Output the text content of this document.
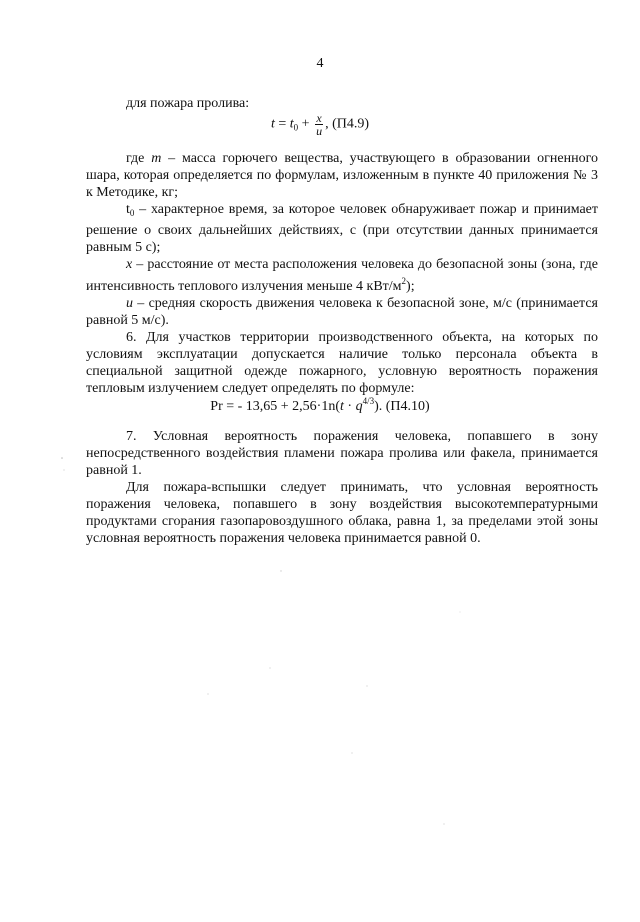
4

для пожара пролива:

$t = t_0 + \frac{x}{u}$ , (П4.9)

где m – масса горючего вещества, участвующего в образовании огненного шара, которая определяется по формулам, изложенным в пункте 40 приложения № 3 к Методике, кг;

$t_0$ – характерное время, за которое человек обнаруживает пожар и принимает решение о своих дальнейших действиях, с (при отсутствии данных принимается равным 5 с);

x – расстояние от места расположения человека до безопасной зоны (зона, где интенсивность теплового излучения меньше 4 кВт/$м^2$);

u – средняя скорость движения человека к безопасной зоне, м/с (принимается равной 5 м/с).

6. Для участков территории производственного объекта, на которых по условиям эксплуатации допускается наличие только персонала объекта в специальной защитной одежде пожарного, условную вероятность поражения тепловым излучением следует определять по формуле:

Pr = - $13,65 + 2,56\cdot 1n(t \cdot q^{4/3})$. (П4.10)

7. Условная вероятность поражения человека, попавшего в зону непосредственного воздействия пламени пожара пролива или факела, принимается равной 1.

Для пожара-вспышки следует принимать, что условная вероятность поражения человека, попавшего в зону воздействия высокотемпературными продуктами сгорания газопаровоздушного облака, равна 1, за пределами этой зоны условная вероятность поражения человека принимается равной 0.
